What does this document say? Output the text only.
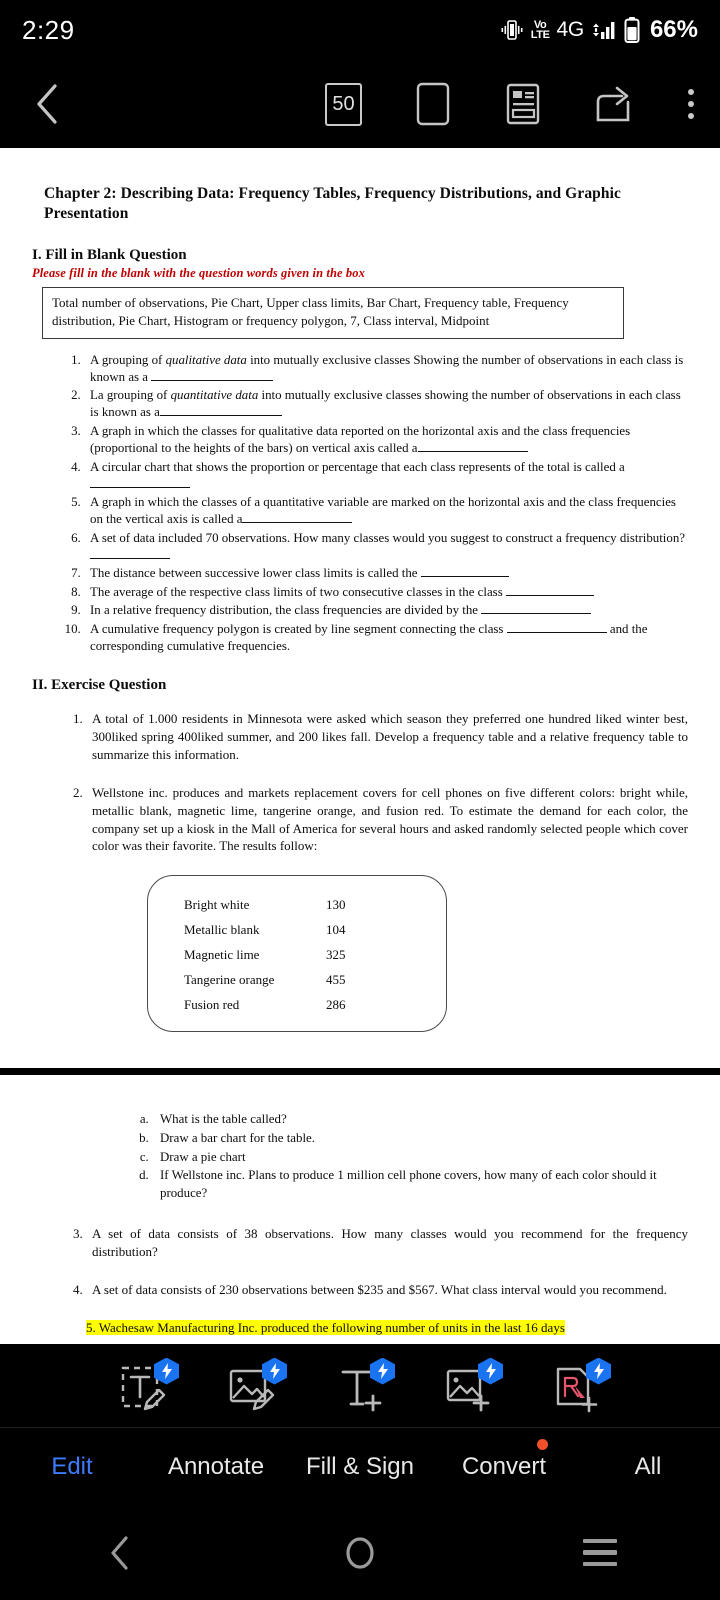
2:29	Vo
LTE 4G	66%
50
Chapter 2: Describing Data: Frequency Tables, Frequency Distributions, and Graphic Presentation
I. Fill in Blank Question

Please fill in the blank with the question words given in the box

Total number of observations, Pie Chart, Upper class limits, Bar Chart, Frequency table, Frequency distribution, Pie Chart, Histogram or frequency polygon, 7, Class interval, Midpoint
1. A grouping of qualitative data into mutually exclusive classes Showing the number of observations in each class is known as a
2. La grouping of quantitative data into mutually exclusive classes showing the number of observations in each class is known as a
3. A graph in which the classes for qualitative data reported on the horizontal axis and the class frequencies (proportional to the heights of the bars) on vertical axis called a
4. A circular chart that shows the proportion or percentage that each class represents of the total is called a
5. A graph in which the classes of a quantitative variable are marked on the horizontal axis and the class frequencies on the vertical axis is called a
6. A set of data included 70 observations. How many classes would you suggest to construct a frequency distribution?
7. The distance between successive lower class limits is called the
8. The average of the respective class limits of two consecutive classes in the class
9. In a relative frequency distribution, the class frequencies are divided by the
10. A cumulative frequency polygon is created by line segment connecting the class	and the corresponding cumulative frequencies.
II. Exercise Question
1. A total of 1.000 residents in Minnesota were asked which season they preferred one hundred liked winter best, 300liked spring 400liked summer, and 200 likes fall. Develop a frequency table and a relative frequency table to summarize this information.
2. Wellstone inc. produces and markets replacement covers for cell phones on five different colors: bright while, metallic blank, magnetic lime, tangerine orange, and fusion red. To estimate the demand for each color, the company set up a kiosk in the Mall of America for several hours and asked randomly selected people which cover color was their favorite. The results follow:
Bright white	130
Metallic blank	104
Magnetic lime	325
Tangerine orange	455
Fusion red	286
a. What is the table called?
b. Draw a bar chart for the table.
c. Draw a pie chart
d. If Wellstone inc. Plans to produce 1 million cell phone covers, how many of each color should it produce?
3. A set of data consists of 38 observations. How many classes would you recommend for the frequency distribution?
4. A set of data consists of 230 observations between $235 and $567. What class interval would you recommend.
5. Wachesaw Manufacturing Inc. produced the following number of units in the last 16 days
Edit	Annotate	Fill & Sign	Convert	All
